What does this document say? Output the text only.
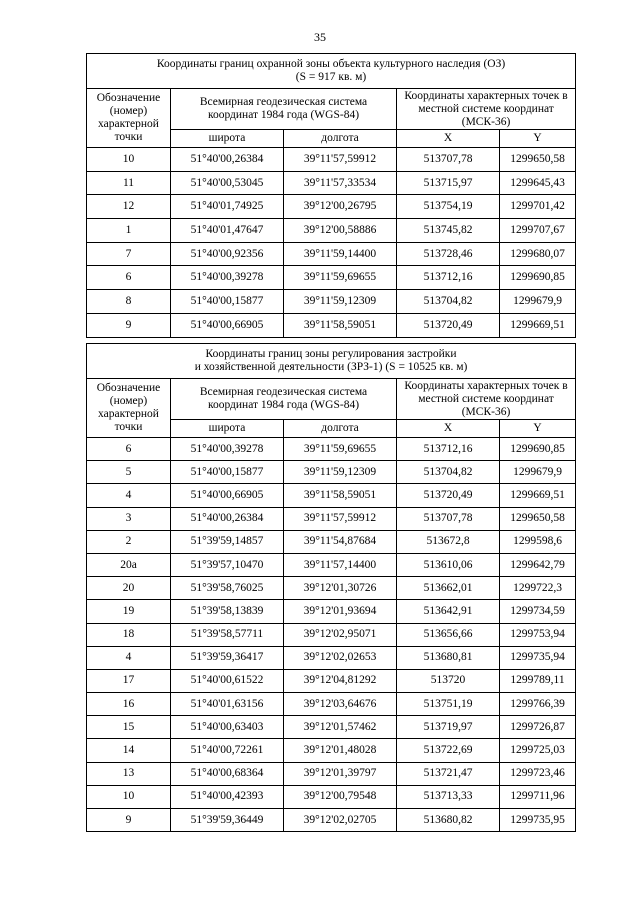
35
Координаты границ охранной зоны объекта культурного наследия (ОЗ)
(S = 917 кв. м)				

Обозначение
(номер)
характерной
точки	Всемирная геодезическая система
координат 1984 года (WGS-84)		Координаты характерных точек в
местной системе координат
(МСК-36)	

	широта	долгота	X	Y
10	51°40'00,26384	39°11'57,59912	513707,78	1299650,58
11	51°40'00,53045	39°11'57,33534	513715,97	1299645,43
12	51°40'01,74925	39°12'00,26795	513754,19	1299701,42
1	51°40'01,47647	39°12'00,58886	513745,82	1299707,67
7	51°40'00,92356	39°11'59,14400	513728,46	1299680,07
6	51°40'00,39278	39°11'59,69655	513712,16	1299690,85
8	51°40'00,15877	39°11'59,12309	513704,82	1299679,9
9	51°40'00,66905	39°11'58,59051	513720,49	1299669,51
Координаты границ зоны регулирования застройки
и хозяйственной деятельности (ЗРЗ-1) (S = 10525 кв. м)				

Обозначение
(номер)
характерной
точки	Всемирная геодезическая система
координат 1984 года (WGS-84)		Координаты характерных точек в
местной системе координат
(МСК-36)	

	широта	долгота	X	Y
6	51°40'00,39278	39°11'59,69655	513712,16	1299690,85
5	51°40'00,15877	39°11'59,12309	513704,82	1299679,9
4	51°40'00,66905	39°11'58,59051	513720,49	1299669,51
3	51°40'00,26384	39°11'57,59912	513707,78	1299650,58
2	51°39'59,14857	39°11'54,87684	513672,8	1299598,6
20а	51°39'57,10470	39°11'57,14400	513610,06	1299642,79
20	51°39'58,76025	39°12'01,30726	513662,01	1299722,3
19	51°39'58,13839	39°12'01,93694	513642,91	1299734,59
18	51°39'58,57711	39°12'02,95071	513656,66	1299753,94
4	51°39'59,36417	39°12'02,02653	513680,81	1299735,94
17	51°40'00,61522	39°12'04,81292	513720	1299789,11
16	51°40'01,63156	39°12'03,64676	513751,19	1299766,39
15	51°40'00,63403	39°12'01,57462	513719,97	1299726,87
14	51°40'00,72261	39°12'01,48028	513722,69	1299725,03
13	51°40'00,68364	39°12'01,39797	513721,47	1299723,46
10	51°40'00,42393	39°12'00,79548	513713,33	1299711,96
9	51°39'59,36449	39°12'02,02705	513680,82	1299735,95
